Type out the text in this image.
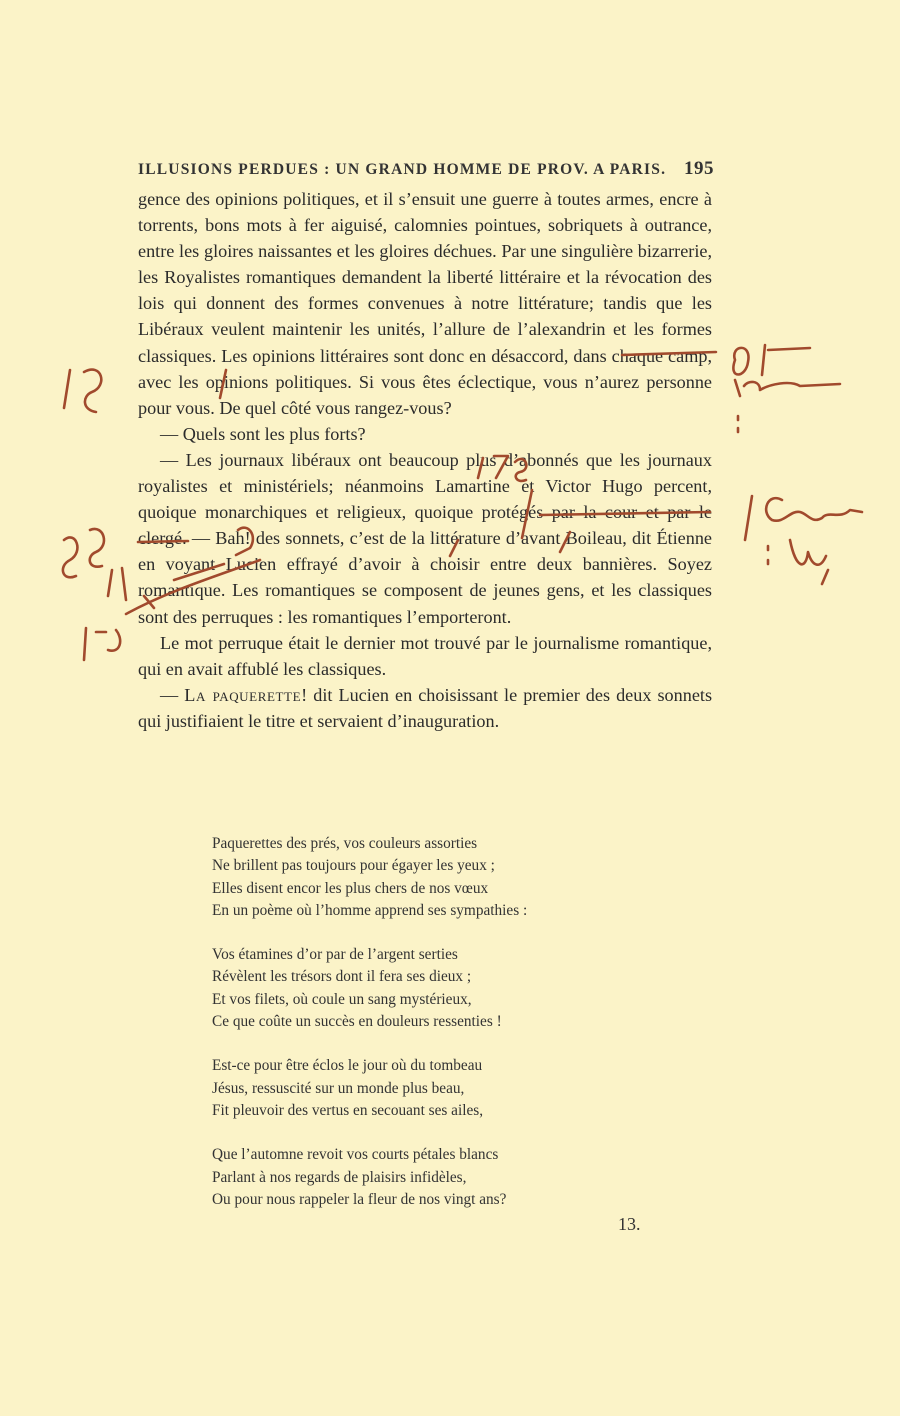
ILLUSIONS PERDUES : UN GRAND HOMME DE PROV. A PARIS. 195

gence des opinions politiques, et il s’ensuit une guerre à toutes armes, encre à torrents, bons mots à fer aiguisé, calomnies pointues, sobriquets à outrance, entre les gloires naissantes et les gloires déchues. Par une singulière bizarrerie, les Royalistes romantiques demandent la liberté littéraire et la révocation des lois qui donnent des formes convenues à notre littérature; tandis que les Libéraux veulent maintenir les unités, l’allure de l’alexandrin et les formes classiques. Les opinions littéraires sont donc en désaccord, dans chaque camp, avec les opinions politiques. Si vous êtes éclectique, vous n’aurez personne pour vous. De quel côté vous rangez-vous?

— Quels sont les plus forts?

— Les journaux libéraux ont beaucoup plus d’abonnés que les journaux royalistes et ministériels; néanmoins Lamartine et Victor Hugo percent, quoique monarchiques et religieux, quoique protégés par la cour et par le clergé. — Bah! des sonnets, c’est de la littérature d’avant Boileau, dit Étienne en voyant Lucien effrayé d’avoir à choisir entre deux bannières. Soyez romantique. Les romantiques se composent de jeunes gens, et les classiques sont des perruques : les romantiques l’emporteront.

Le mot perruque était le dernier mot trouvé par le journalisme romantique, qui en avait affublé les classiques.

— La paquerette! dit Lucien en choisissant le premier des deux sonnets qui justifiaient le titre et servaient d’inauguration.

Paquerettes des prés, vos couleurs assorties
Ne brillent pas toujours pour égayer les yeux ;
Elles disent encor les plus chers de nos vœux
En un poème où l’homme apprend ses sympathies :
Vos étamines d’or par de l’argent serties
Révèlent les trésors dont il fera ses dieux ;
Et vos filets, où coule un sang mystérieux,
Ce que coûte un succès en douleurs ressenties !
Est-ce pour être éclos le jour où du tombeau
Jésus, ressuscité sur un monde plus beau,
Fit pleuvoir des vertus en secouant ses ailes,
Que l’automne revoit vos courts pétales blancs
Parlant à nos regards de plaisirs infidèles,
Ou pour nous rappeler la fleur de nos vingt ans?
13.
